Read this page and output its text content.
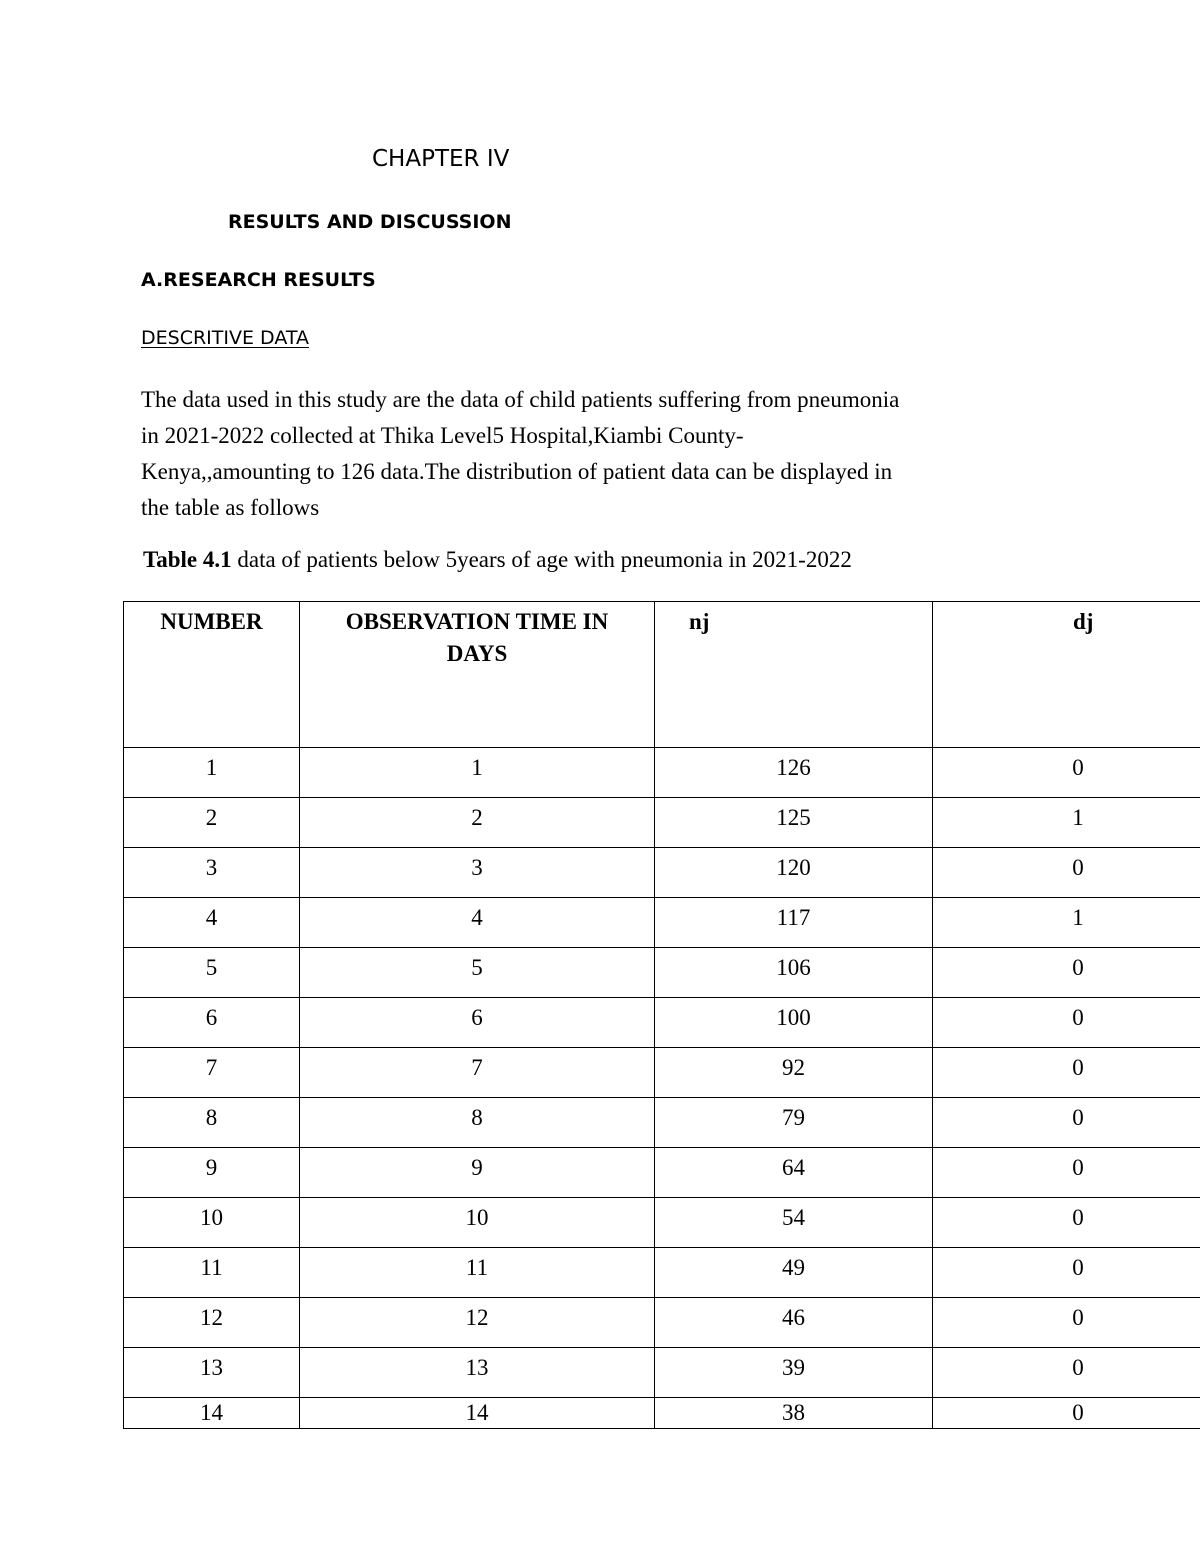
CHAPTER IV
RESULTS AND DISCUSSION
A.RESEARCH RESULTS
DESCRITIVE DATA
The data used in this study are the data of child patients suffering from pneumonia
in 2021-2022 collected at Thika Level5 Hospital,Kiambi County-
Kenya,,amounting to 126 data.The distribution of patient data can be displayed in
the table as follows
Table 4.1 data of patients below 5years of age with pneumonia in 2021-2022
NUMBER	OBSERVATION TIME IN DAYS	nj	dj
1	1	126	0
2	2	125	1
3	3	120	0
4	4	117	1
5	5	106	0
6	6	100	0
7	7	92	0
8	8	79	0
9	9	64	0
10	10	54	0
11	11	49	0
12	12	46	0
13	13	39	0
14	14	38	0
